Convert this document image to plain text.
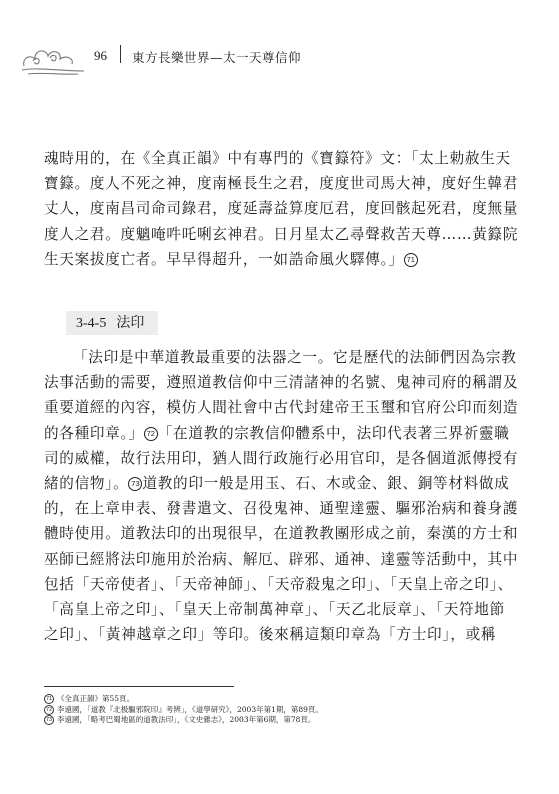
96 東方長樂世界—太一天尊信仰

魂時用的，在《全真正韻》中有專門的《寶籙符》文：「太上勅赦生天寶籙。度人不死之神，度南極長生之君，度度世司馬大神，度好生韓君丈人，度南昌司命司錄君，度延壽益算度厄君，度回骸起死君，度無量度人之君。度魑唵吽吒唎玄神君。日月星太乙尋聲救苦天尊……黃籙院生天案拔度亡者。早早得超升，一如誥命風火驛傳。」 71

3-4-5 法印

「法印是中華道教最重要的法器之一。它是歷代的法師們因為宗教法事活動的需要，遵照道教信仰中三清諸神的名號、鬼神司府的稱謂及重要道經的內容，模仿人間社會中古代封建帝王玉璽和官府公印而刻造的各種印章。」 72 「在道教的宗教信仰體系中，法印代表著三界祈靈職司的威權，故行法用印，猶人間行政施行必用官印，是各個道派傳授有緒的信物」。 73 道教的印一般是用玉、石、木或金、銀、銅等材料做成的，在上章申表、發書遣文、召役鬼神、通聖達靈、驅邪治病和養身護體時使用。道教法印的出現很早，在道教教團形成之前，秦漢的方士和巫師已經將法印施用於治病、解厄、辟邪、通神、達靈等活動中，其中包括「天帝使者」、「天帝神師」、「天帝殺鬼之印」、「天皇上帝之印」、「高皇上帝之印」、「皇天上帝制萬神章」、「天乙北辰章」、「天符地節之印」、「黃神越章之印」等印。後來稱這類印章為「方士印」，或稱

71 《全真正韻》第55頁。
72 李遠國，「道教『北极驅邪院印』考辨」，《道學研究》，2003年第1期，第89頁。
73 李遠國，「略考巴蜀地區的道教法印」，《文史雜志》，2003年第6期，第78頁。
